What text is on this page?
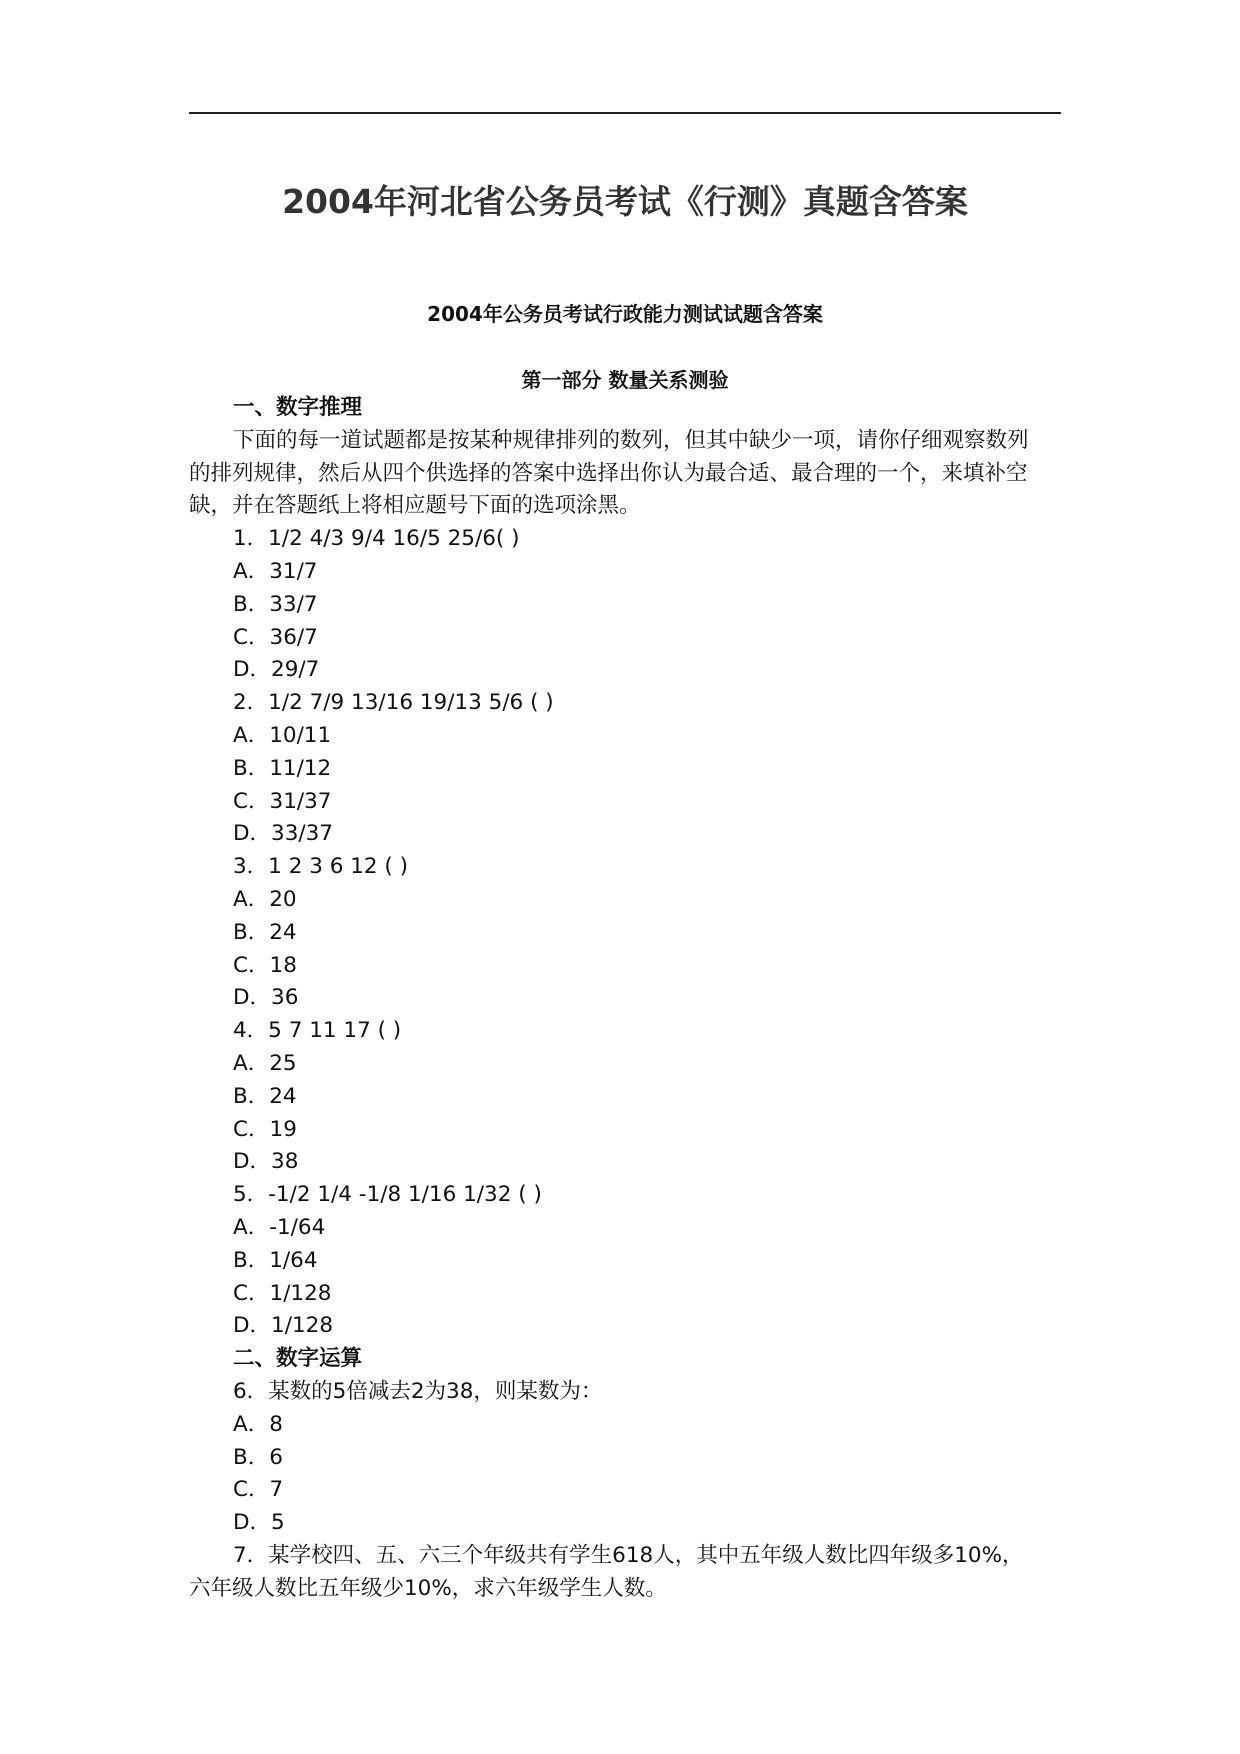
2004年河北省公务员考试《行测》真题含答案
2004年公务员考试行政能力测试试题含答案
第一部分 数量关系测验
一、数字推理
下面的每一道试题都是按某种规律排列的数列，但其中缺少一项，请你仔细观察数列
的排列规律，然后从四个供选择的答案中选择出你认为最合适、最合理的一个，来填补空
缺，并在答题纸上将相应题号下面的选项涂黑。
1．1/2 4/3 9/4 16/5 25/6( )
A．31/7
B．33/7
C．36/7
D．29/7
2．1/2 7/9 13/16 19/13 5/6 ( )
A．10/11
B．11/12
C．31/37
D．33/37
3．1 2 3 6 12 ( )
A．20
B．24
C．18
D．36
4．5 7 11 17 ( )
A．25
B．24
C．19
D．38
5．-1/2 1/4 -1/8 1/16 1/32 ( )
A．-1/64
B．1/64
C．1/128
D．1/128
二、数字运算
6．某数的5倍减去2为38，则某数为：
A．8
B．6
C．7
D．5
7．某学校四、五、六三个年级共有学生618人，其中五年级人数比四年级多10%，
六年级人数比五年级少10%，求六年级学生人数。
